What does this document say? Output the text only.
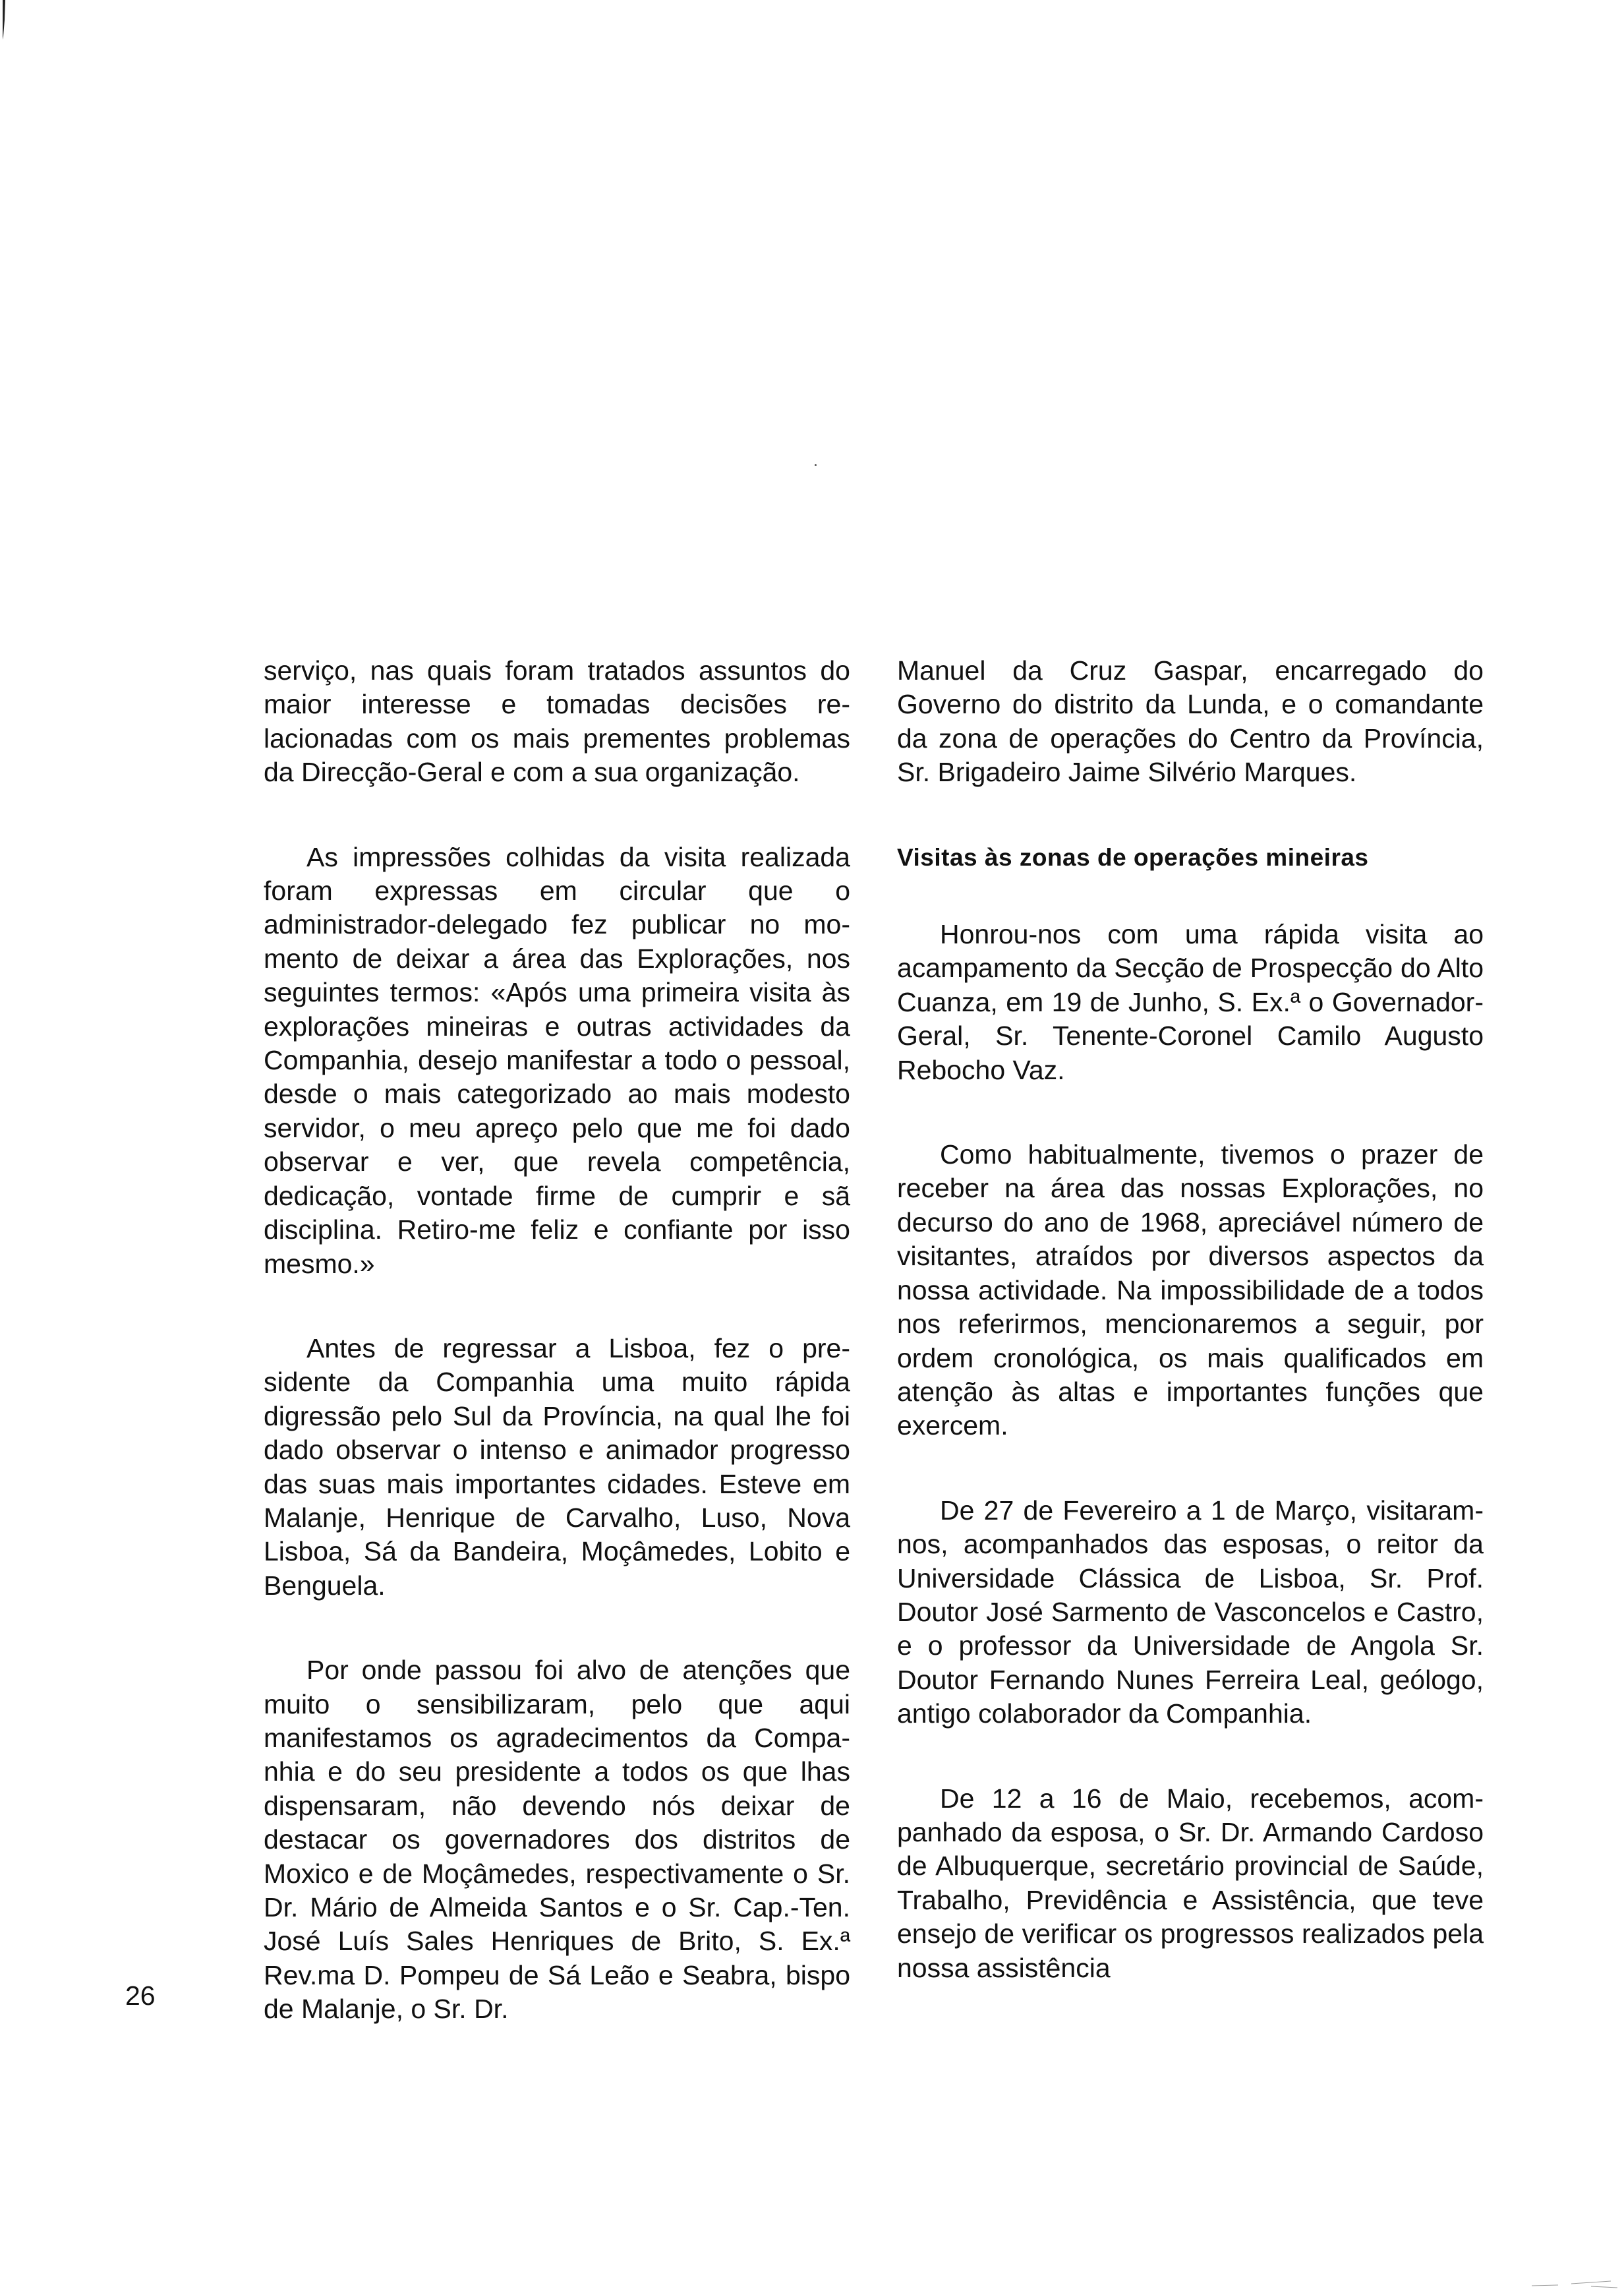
serviço, nas quais foram tratados assuntos do maior interesse e tomadas decisões relacionadas com os mais prementes problemas da Direcção-Geral e com a sua organização.

As impressões colhidas da visita realizada foram expressas em circular que o administrador-delegado fez publicar no momento de deixar a área das Explorações, nos seguintes termos: «Após uma primeira visita às explorações mineiras e outras actividades da Companhia, desejo manifestar a todo o pessoal, desde o mais categorizado ao mais modesto servidor, o meu apreço pelo que me foi dado observar e ver, que revela competência, dedicação, vontade firme de cumprir e sã disciplina. Retiro-me feliz e confiante por isso mesmo.»

Antes de regressar a Lisboa, fez o presidente da Companhia uma muito rápida digressão pelo Sul da Província, na qual lhe foi dado observar o intenso e animador progresso das suas mais importantes cidades. Esteve em Malanje, Henrique de Carvalho, Luso, Nova Lisboa, Sá da Bandeira, Moçâmedes, Lobito e Benguela.

Por onde passou foi alvo de atenções que muito o sensibilizaram, pelo que aqui manifestamos os agradecimentos da Companhia e do seu presidente a todos os que lhas dispensaram, não devendo nós deixar de destacar os governadores dos distritos de Moxico e de Moçâmedes, respectivamente o Sr. Dr. Mário de Almeida Santos e o Sr. Cap.-Ten. José Luís Sales Henriques de Brito, S. Ex.ª Rev.ma D. Pompeu de Sá Leão e Seabra, bispo de Malanje, o Sr. Dr.

Manuel da Cruz Gaspar, encarregado do Governo do distrito da Lunda, e o comandante da zona de operações do Centro da Província, Sr. Brigadeiro Jaime Silvério Marques.

Visitas às zonas de operações mineiras

Honrou-nos com uma rápida visita ao acampamento da Secção de Prospecção do Alto Cuanza, em 19 de Junho, S. Ex.ª o Governador-Geral, Sr. Tenente-Coronel Camilo Augusto Rebocho Vaz.

Como habitualmente, tivemos o prazer de receber na área das nossas Explorações, no decurso do ano de 1968, apreciável número de visitantes, atraídos por diversos aspectos da nossa actividade. Na impossibilidade de a todos nos referirmos, mencionaremos a seguir, por ordem cronológica, os mais qualificados em atenção às altas e importantes funções que exercem.

De 27 de Fevereiro a 1 de Março, visitaram-nos, acompanhados das esposas, o reitor da Universidade Clássica de Lisboa, Sr. Prof. Doutor José Sarmento de Vasconcelos e Castro, e o professor da Universidade de Angola Sr. Doutor Fernando Nunes Ferreira Leal, geólogo, antigo colaborador da Companhia.

De 12 a 16 de Maio, recebemos, acompanhado da esposa, o Sr. Dr. Armando Cardoso de Albuquerque, secretário provincial de Saúde, Trabalho, Previdência e Assistência, que teve ensejo de verificar os progressos realizados pela nossa assistência

26
